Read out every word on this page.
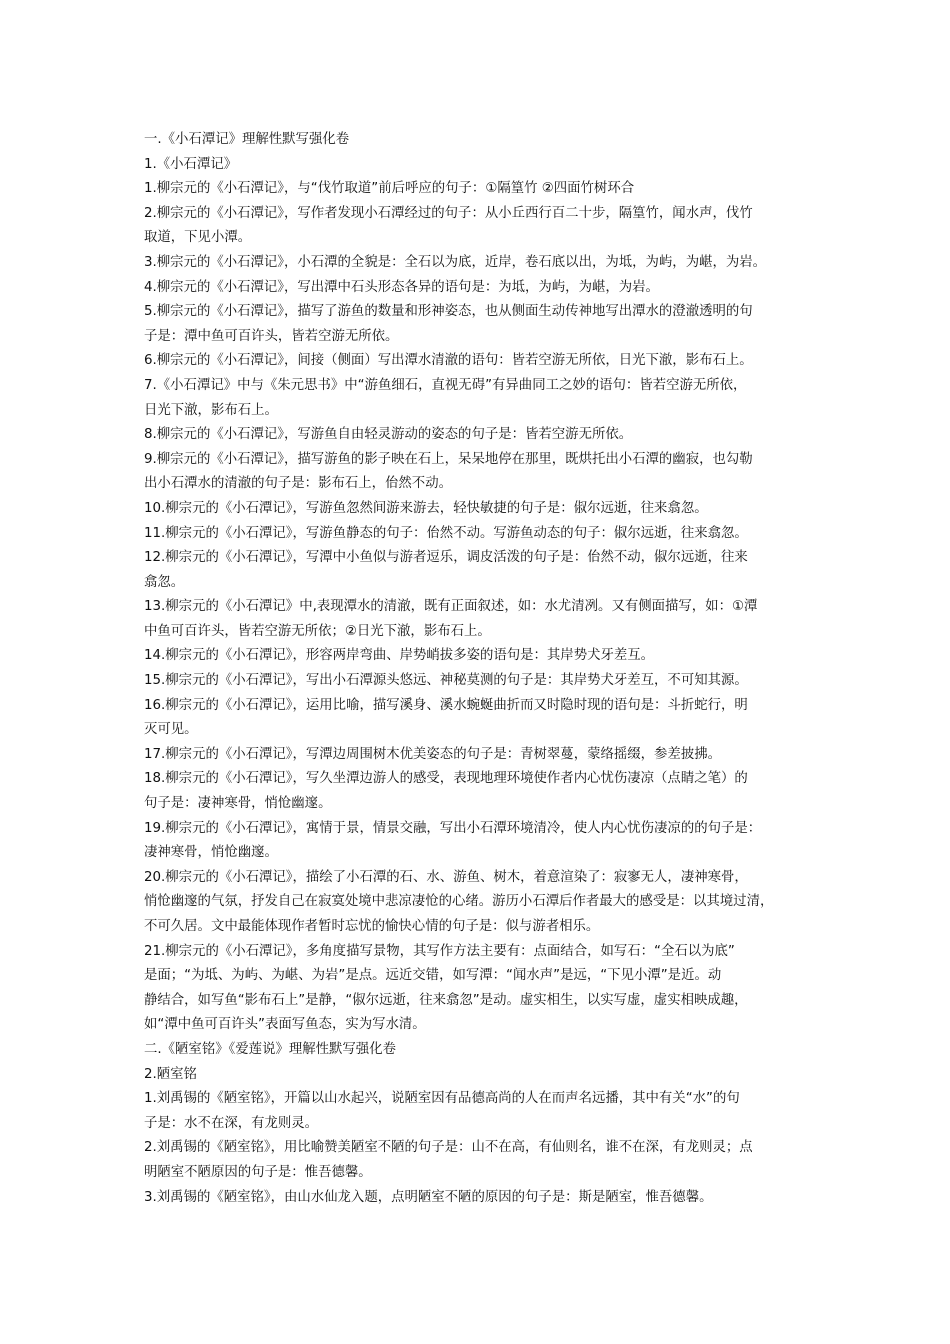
一.《小石潭记》理解性默写强化卷

1.《小石潭记》

1.柳宗元的《小石潭记》，与“伐竹取道”前后呼应的句子：①隔篁竹 ②四面竹树环合

2.柳宗元的《小石潭记》，写作者发现小石潭经过的句子：从小丘西行百二十步，隔篁竹，闻水声，伐竹

取道，下见小潭。

3.柳宗元的《小石潭记》，小石潭的全貌是：全石以为底，近岸，卷石底以出，为坻，为屿，为嵁，为岩。

4.柳宗元的《小石潭记》，写出潭中石头形态各异的语句是：为坻，为屿，为嵁，为岩。

5.柳宗元的《小石潭记》，描写了游鱼的数量和形神姿态，也从侧面生动传神地写出潭水的澄澈透明的句

子是：潭中鱼可百许头，皆若空游无所依。

6.柳宗元的《小石潭记》，间接（侧面）写出潭水清澈的语句：皆若空游无所依，日光下澈，影布石上。

7.《小石潭记》中与《朱元思书》中“游鱼细石，直视无碍”有异曲同工之妙的语句：皆若空游无所依，

日光下澈，影布石上。

8.柳宗元的《小石潭记》，写游鱼自由轻灵游动的姿态的句子是：皆若空游无所依。

9.柳宗元的《小石潭记》，描写游鱼的影子映在石上，呆呆地停在那里，既烘托出小石潭的幽寂，也勾勒

出小石潭水的清澈的句子是：影布石上，佁然不动。

10.柳宗元的《小石潭记》，写游鱼忽然间游来游去，轻快敏捷的句子是：俶尔远逝，往来翕忽。

11.柳宗元的《小石潭记》，写游鱼静态的句子：佁然不动。写游鱼动态的句子：俶尔远逝，往来翕忽。

12.柳宗元的《小石潭记》，写潭中小鱼似与游者逗乐，调皮活泼的句子是：佁然不动，俶尔远逝，往来

翕忽。

13.柳宗元的《小石潭记》中,表现潭水的清澈，既有正面叙述，如：水尤清冽。又有侧面描写，如：①潭

中鱼可百许头，皆若空游无所依；②日光下澈，影布石上。

14.柳宗元的《小石潭记》，形容两岸弯曲、岸势峭拔多姿的语句是：其岸势犬牙差互。

15.柳宗元的《小石潭记》，写出小石潭源头悠远、神秘莫测的句子是：其岸势犬牙差互，不可知其源。

16.柳宗元的《小石潭记》，运用比喻，描写溪身、溪水蜿蜒曲折而又时隐时现的语句是：斗折蛇行，明

灭可见。

17.柳宗元的《小石潭记》，写潭边周围树木优美姿态的句子是：青树翠蔓，蒙络摇缀，参差披拂。

18.柳宗元的《小石潭记》，写久坐潭边游人的感受，表现地理环境使作者内心忧伤凄凉（点睛之笔）的

句子是：凄神寒骨，悄怆幽邃。

19.柳宗元的《小石潭记》，寓情于景，情景交融，写出小石潭环境清冷，使人内心忧伤凄凉的的句子是：

凄神寒骨，悄怆幽邃。

20.柳宗元的《小石潭记》，描绘了小石潭的石、水、游鱼、树木，着意渲染了：寂寥无人，凄神寒骨，

悄怆幽邃的气氛，抒发自己在寂寞处境中悲凉凄怆的心绪。游历小石潭后作者最大的感受是：以其境过清，

不可久居。文中最能体现作者暂时忘忧的愉快心情的句子是：似与游者相乐。

21.柳宗元的《小石潭记》，多角度描写景物，其写作方法主要有：点面结合，如写石：“全石以为底”

是面；“为坻、为屿、为嵁、为岩”是点。远近交错，如写潭：“闻水声”是远，“下见小潭”是近。动

静结合，如写鱼“影布石上”是静，“俶尔远逝，往来翕忽”是动。虚实相生，以实写虚，虚实相映成趣，

如“潭中鱼可百许头”表面写鱼态，实为写水清。

二.《陋室铭》《爱莲说》理解性默写强化卷

2.陋室铭

1.刘禹锡的《陋室铭》，开篇以山水起兴，说陋室因有品德高尚的人在而声名远播，其中有关“水”的句

子是：水不在深，有龙则灵。

2.刘禹锡的《陋室铭》，用比喻赞美陋室不陋的句子是：山不在高，有仙则名，谁不在深，有龙则灵；点

明陋室不陋原因的句子是：惟吾德馨。

3.刘禹锡的《陋室铭》，由山水仙龙入题，点明陋室不陋的原因的句子是：斯是陋室，惟吾德馨。
